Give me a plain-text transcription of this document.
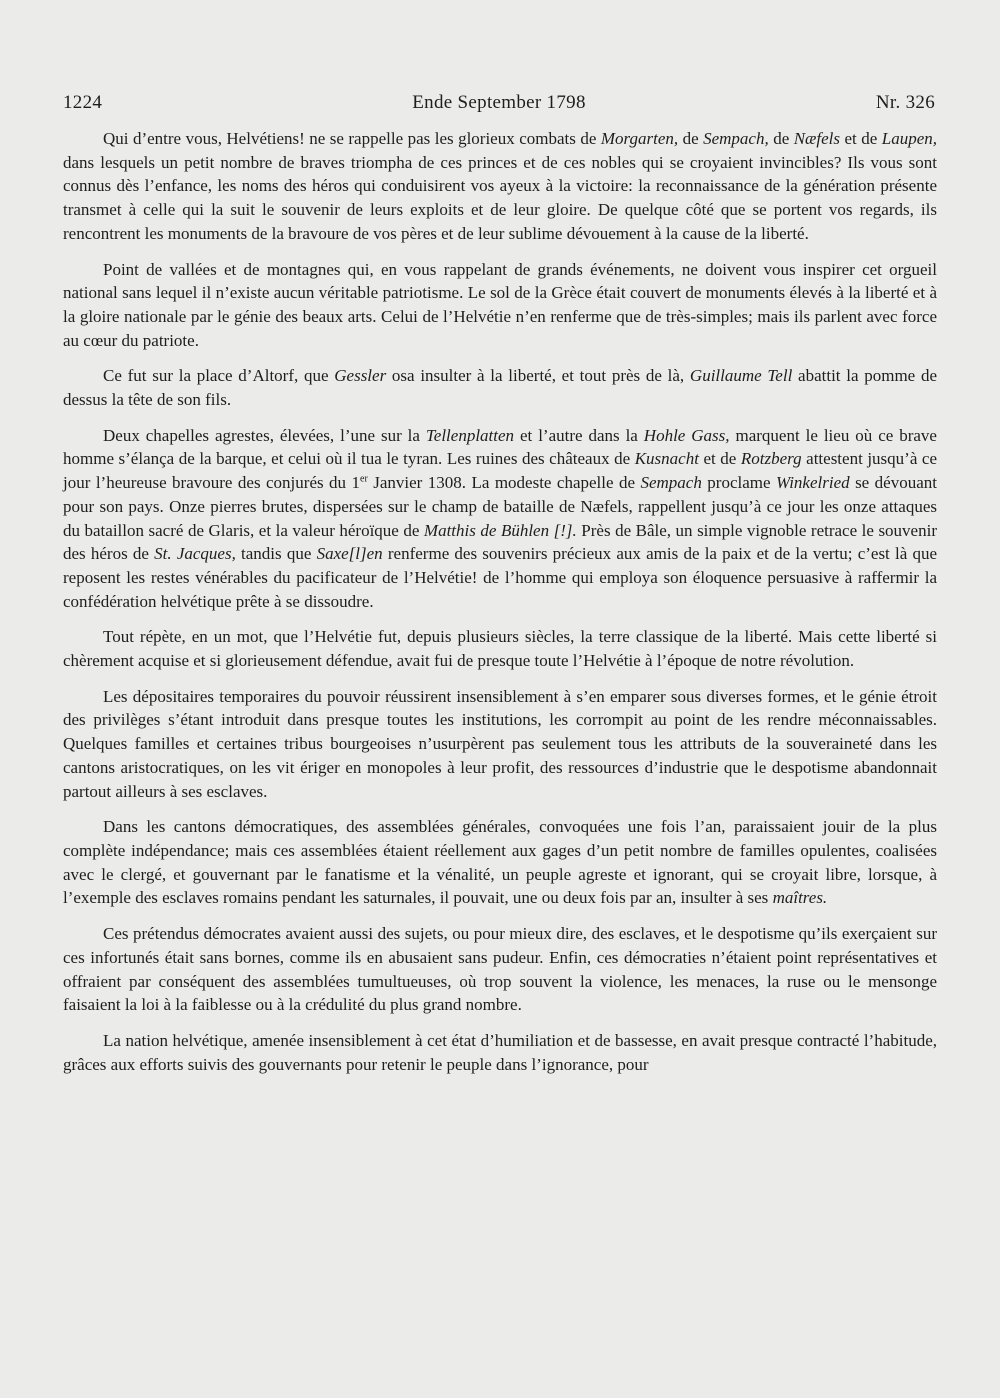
1224	Ende September 1798	Nr. 326

Qui d’entre vous, Helvétiens! ne se rappelle pas les glorieux combats de Morgarten, de Sempach, de Næfels et de Laupen, dans lesquels un petit nombre de braves triompha de ces princes et de ces nobles qui se croyaient invincibles? Ils vous sont connus dès l’enfance, les noms des héros qui conduisirent vos ayeux à la victoire: la reconnaissance de la génération présente transmet à celle qui la suit le souvenir de leurs exploits et de leur gloire. De quelque côté que se portent vos regards, ils rencontrent les monuments de la bravoure de vos pères et de leur sublime dévouement à la cause de la liberté.

Point de vallées et de montagnes qui, en vous rappelant de grands événements, ne doivent vous inspirer cet orgueil national sans lequel il n’existe aucun véritable patriotisme. Le sol de la Grèce était couvert de monuments élevés à la liberté et à la gloire nationale par le génie des beaux arts. Celui de l’Helvétie n’en renferme que de très-simples; mais ils parlent avec force au cœur du patriote.

Ce fut sur la place d’Altorf, que Gessler osa insulter à la liberté, et tout près de là, Guillaume Tell abattit la pomme de dessus la tête de son fils.

Deux chapelles agrestes, élevées, l’une sur la Tellenplatten et l’autre dans la Hohle Gass, marquent le lieu où ce brave homme s’élança de la barque, et celui où il tua le tyran. Les ruines des châteaux de Kusnacht et de Rotzberg attestent jusqu’à ce jour l’heureuse bravoure des conjurés du 1er Janvier 1308. La modeste chapelle de Sempach proclame Winkelried se dévouant pour son pays. Onze pierres brutes, dispersées sur le champ de bataille de Næfels, rappellent jusqu’à ce jour les onze attaques du bataillon sacré de Glaris, et la valeur héroïque de Matthis de Bühlen [!]. Près de Bâle, un simple vignoble retrace le souvenir des héros de St. Jacques, tandis que Saxe[l]en renferme des souvenirs précieux aux amis de la paix et de la vertu; c’est là que reposent les restes vénérables du pacificateur de l’Helvétie! de l’homme qui employa son éloquence persuasive à raffermir la confédération helvétique prête à se dissoudre.

Tout répète, en un mot, que l’Helvétie fut, depuis plusieurs siècles, la terre classique de la liberté. Mais cette liberté si chèrement acquise et si glorieusement défendue, avait fui de presque toute l’Helvétie à l’époque de notre révolution.

Les dépositaires temporaires du pouvoir réussirent insensiblement à s’en emparer sous diverses formes, et le génie étroit des privilèges s’étant introduit dans presque toutes les institutions, les corrompit au point de les rendre méconnaissables. Quelques familles et certaines tribus bourgeoises n’usurpèrent pas seulement tous les attributs de la souveraineté dans les cantons aristocratiques, on les vit ériger en monopoles à leur profit, des ressources d’industrie que le despotisme abandonnait partout ailleurs à ses esclaves.

Dans les cantons démocratiques, des assemblées générales, convoquées une fois l’an, paraissaient jouir de la plus complète indépendance; mais ces assemblées étaient réellement aux gages d’un petit nombre de familles opulentes, coalisées avec le clergé, et gouvernant par le fanatisme et la vénalité, un peuple agreste et ignorant, qui se croyait libre, lorsque, à l’exemple des esclaves romains pendant les saturnales, il pouvait, une ou deux fois par an, insulter à ses maîtres.

Ces prétendus démocrates avaient aussi des sujets, ou pour mieux dire, des esclaves, et le despotisme qu’ils exerçaient sur ces infortunés était sans bornes, comme ils en abusaient sans pudeur. Enfin, ces démocraties n’étaient point représentatives et offraient par conséquent des assemblées tumultueuses, où trop souvent la violence, les menaces, la ruse ou le mensonge faisaient la loi à la faiblesse ou à la crédulité du plus grand nombre.

La nation helvétique, amenée insensiblement à cet état d’humiliation et de bassesse, en avait presque contracté l’habitude, grâces aux efforts suivis des gouvernants pour retenir le peuple dans l’ignorance, pour
